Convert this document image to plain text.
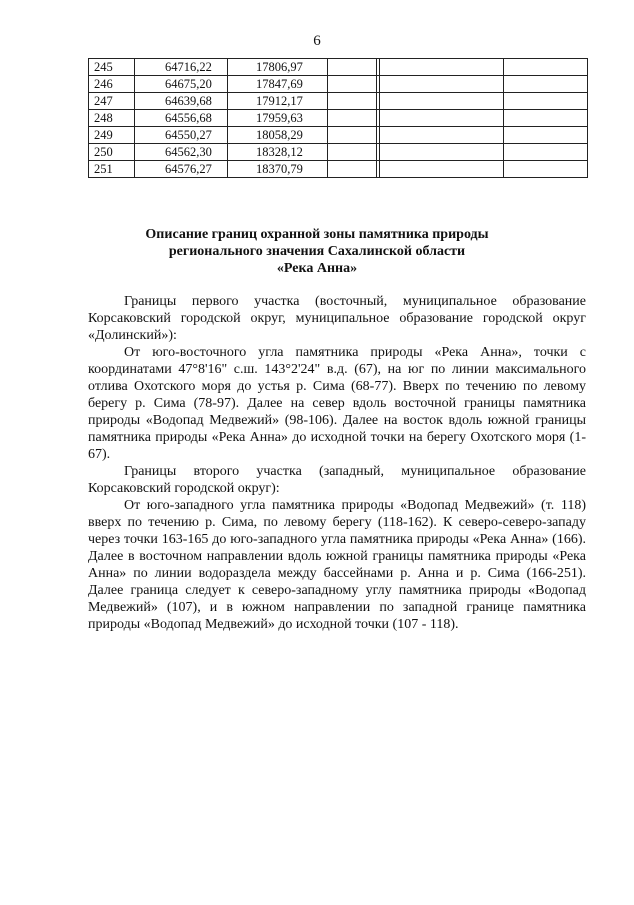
6
245	64716,22	17806,97				
246	64675,20	17847,69				
247	64639,68	17912,17				
248	64556,68	17959,63				
249	64550,27	18058,29				
250	64562,30	18328,12				
251	64576,27	18370,79				
Описание границ охранной зоны памятника природы
регионального значения Сахалинской области
«Река Анна»

Границы первого участка (восточный, муниципальное образование Корсаковский городской округ, муниципальное образование городской округ «Долинский»):

От юго-восточного угла памятника природы «Река Анна», точки с координатами 47°8'16" с.ш. 143°2'24" в.д. (67), на юг по линии максимального отлива Охотского моря до устья р. Сима (68-77). Вверх по течению по левому берегу р. Сима (78-97). Далее на север вдоль восточной границы памятника природы «Водопад Медвежий» (98-106). Далее на восток вдоль южной границы памятника природы «Река Анна» до исходной точки на берегу Охотского моря (1-67).

Границы второго участка (западный, муниципальное образование Корсаковский городской округ):

От юго-западного угла памятника природы «Водопад Медвежий» (т. 118) вверх по течению р. Сима, по левому берегу (118-162). К северо-северо-западу через точки 163-165 до юго-западного угла памятника природы «Река Анна» (166). Далее в восточном направлении вдоль южной границы памятника природы «Река Анна» по линии водораздела между бассейнами р. Анна и р. Сима (166-251). Далее граница следует к северо-западному углу памятника природы «Водопад Медвежий» (107), и в южном направлении по западной границе памятника природы «Водопад Медвежий» до исходной точки (107 - 118).
